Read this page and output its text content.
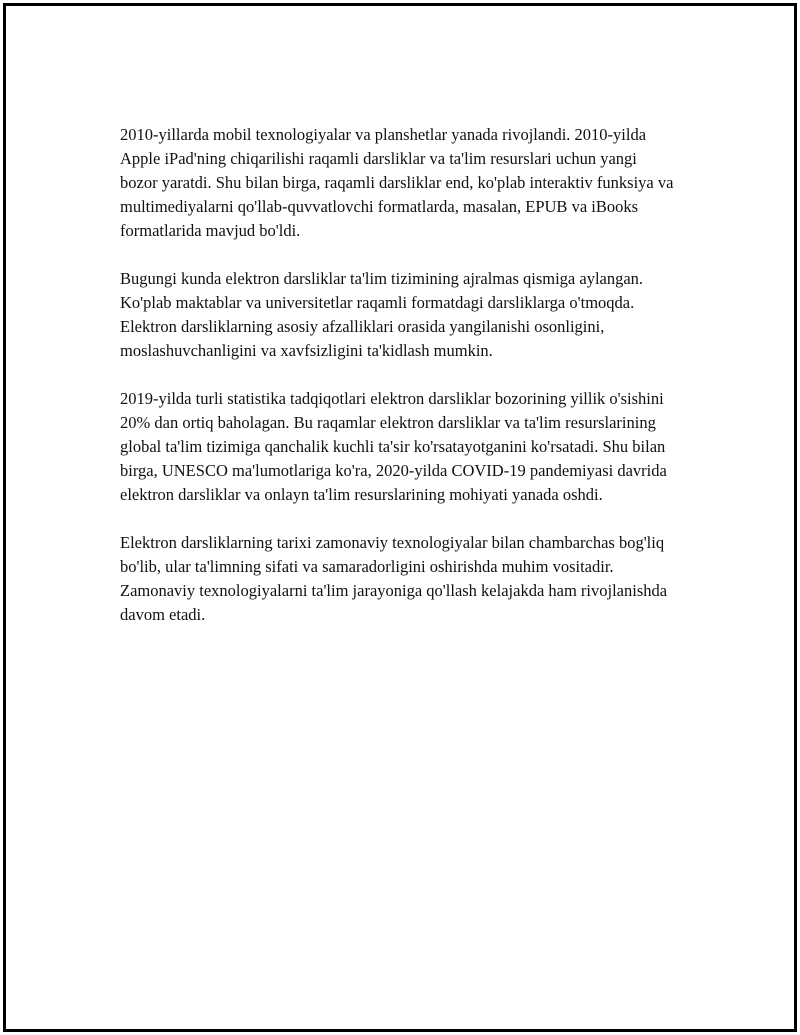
2010-yillarda mobil texnologiyalar va planshetlar yanada rivojlandi. 2010-yilda Apple iPad'ning chiqarilishi raqamli darsliklar va ta'lim resurslari uchun yangi bozor yaratdi. Shu bilan birga, raqamli darsliklar end, ko'plab interaktiv funksiya va multimediyalarni qo'llab-quvvatlovchi formatlarda, masalan, EPUB va iBooks formatlarida mavjud bo'ldi.

Bugungi kunda elektron darsliklar ta'lim tizimining ajralmas qismiga aylangan. Ko'plab maktablar va universitetlar raqamli formatdagi darsliklarga o'tmoqda. Elektron darsliklarning asosiy afzalliklari orasida yangilanishi osonligini, moslashuvchanligini va xavfsizligini ta'kidlash mumkin.

2019-yilda turli statistika tadqiqotlari elektron darsliklar bozorining yillik o'sishini 20% dan ortiq baholagan. Bu raqamlar elektron darsliklar va ta'lim resurslarining global ta'lim tizimiga qanchalik kuchli ta'sir ko'rsatayotganini ko'rsatadi. Shu bilan birga, UNESCO ma'lumotlariga ko'ra, 2020-yilda COVID-19 pandemiyasi davrida elektron darsliklar va onlayn ta'lim resurslarining mohiyati yanada oshdi.

Elektron darsliklarning tarixi zamonaviy texnologiyalar bilan chambarchas bog'liq bo'lib, ular ta'limning sifati va samaradorligini oshirishda muhim vositadir. Zamonaviy texnologiyalarni ta'lim jarayoniga qo'llash kelajakda ham rivojlanishda davom etadi.
